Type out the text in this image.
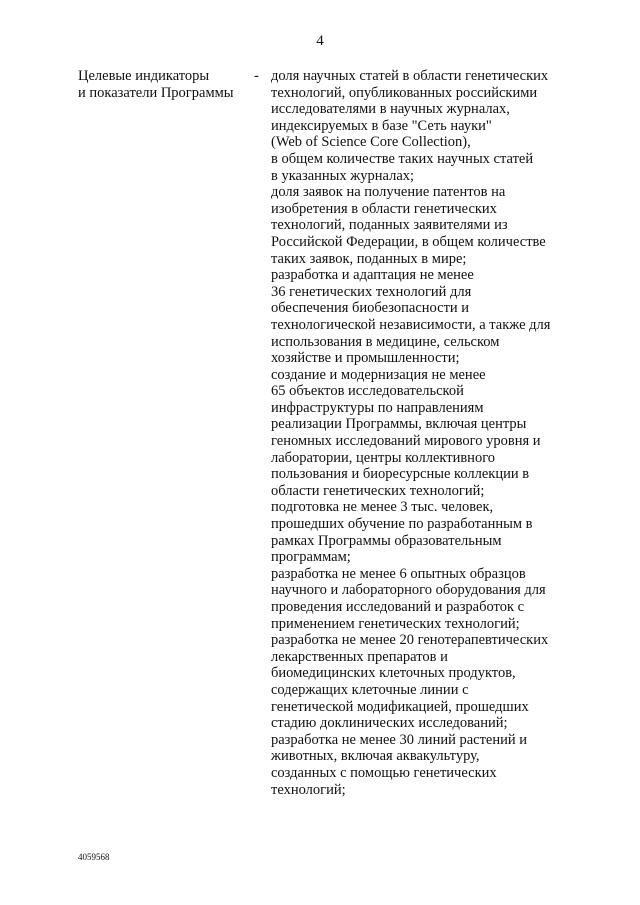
4
Целевые индикаторы
и показатели Программы
- доля научных статей в области генетических
технологий, опубликованных российскими
исследователями в научных журналах,
индексируемых в базе "Сеть науки"
(Web of Science Core Collection),
в общем количестве таких научных статей
в указанных журналах;
доля заявок на получение патентов на
изобретения в области генетических
технологий, поданных заявителями из
Российской Федерации, в общем количестве
таких заявок, поданных в мире;
разработка и адаптация не менее
36 генетических технологий для
обеспечения биобезопасности и
технологической независимости, а также для
использования в медицине, сельском
хозяйстве и промышленности;
создание и модернизация не менее
65 объектов исследовательской
инфраструктуры по направлениям
реализации Программы, включая центры
геномных исследований мирового уровня и
лаборатории, центры коллективного
пользования и биоресурсные коллекции в
области генетических технологий;
подготовка не менее 3 тыс. человек,
прошедших обучение по разработанным в
рамках Программы образовательным
программам;
разработка не менее 6 опытных образцов
научного и лабораторного оборудования для
проведения исследований и разработок с
применением генетических технологий;
разработка не менее 20 генотерапевтических
лекарственных препаратов и
биомедицинских клеточных продуктов,
содержащих клеточные линии с
генетической модификацией, прошедших
стадию доклинических исследований;
разработка не менее 30 линий растений и
животных, включая аквакультуру,
созданных с помощью генетических
технологий;
4059568
